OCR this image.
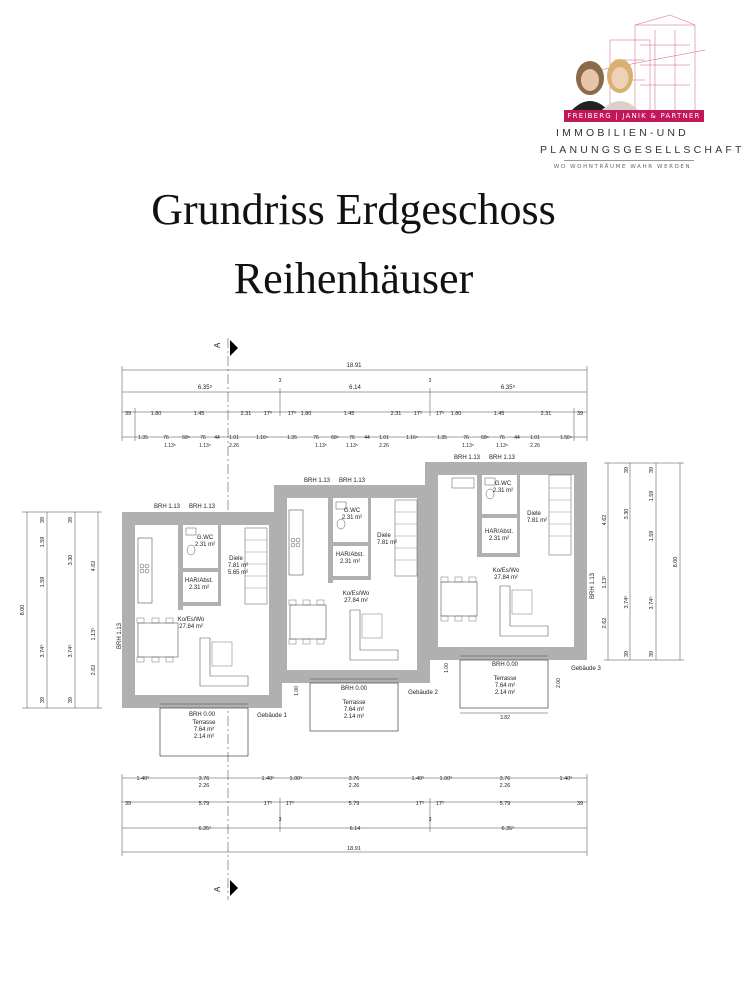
FREIBERG | JANIK & PARTNER
IMMOBILIEN-UND
PLANUNGSGESELLSCHAFT
WO WOHNTRÄUME WAHR WERDEN
Grundriss Erdgeschoss
Reihenhäuser
A
A
18.91
6.35⁵	6.14	6.35⁵
3	3
39	1.80	1.45	2.31 17⁵	17⁵ 1.80	1.45	2.31 17⁵ 17⁵ 1.80	1.45	2.31	39
1.35	76	68⁵ 76 44 1.01	1.16⁵	1.35	76 68⁵ 76 44 1.01	1.16⁵	1.35	76 68⁵ 76 44 1.01	1.56⁵
1.13⁵	1.13⁵	2.26	1.13⁵	1.13⁵	2.26	1.13⁵	1.13⁵	2.26
8.00
39
1.59
1.59
3.74⁵
39
39
3.30
3.74⁵
39
4.62
1.13⁵
2.62
4.62
1.13⁵
2.62
39
3.30
3.74⁵
39
39
1.59
1.59
3.74⁵
39
8.00
BRH 1.13 BRH 1.13
BRH 1.13
BRH 0.00
G.WC
2.31 m²
Diele
7.81 m²
5.65 m²
HAR/Abst.
2.31 m²
Ko/Es/Wo
27.84 m²
Terrasse
7.64 m²
2.14 m²
Gebäude 1
BRH 1.13 BRH 1.13
BRH 0.00
G.WC
2.31 m²
Diele
7.81 m²
HAR/Abst.
2.31 m²
Ko/Es/Wo
27.84 m²
Terrasse
7.64 m²
2.14 m²
Gebäude 2
1.00
BRH 1.13 BRH 1.13
BRH 1.13
BRH 0.00
G.WC
2.31 m²
Diele
7.81 m²
HAR/Abst.
2.31 m²
Ko/Es/Wo
27.84 m²
Terrasse
7.64 m²
2.14 m²
Gebäude 3
3.82
1.00
2.00
1.40⁵	3.76	1.40⁵	1.00⁵	3.76	1.40⁵	1.00⁵	3.76	1.40⁵
2.26	2.26	2.26
39	5.79	17⁵ 17⁵	5.79	17⁵ 17⁵	5.79	39
6.35⁵	6.14	6.35⁵
3	3
18.91
